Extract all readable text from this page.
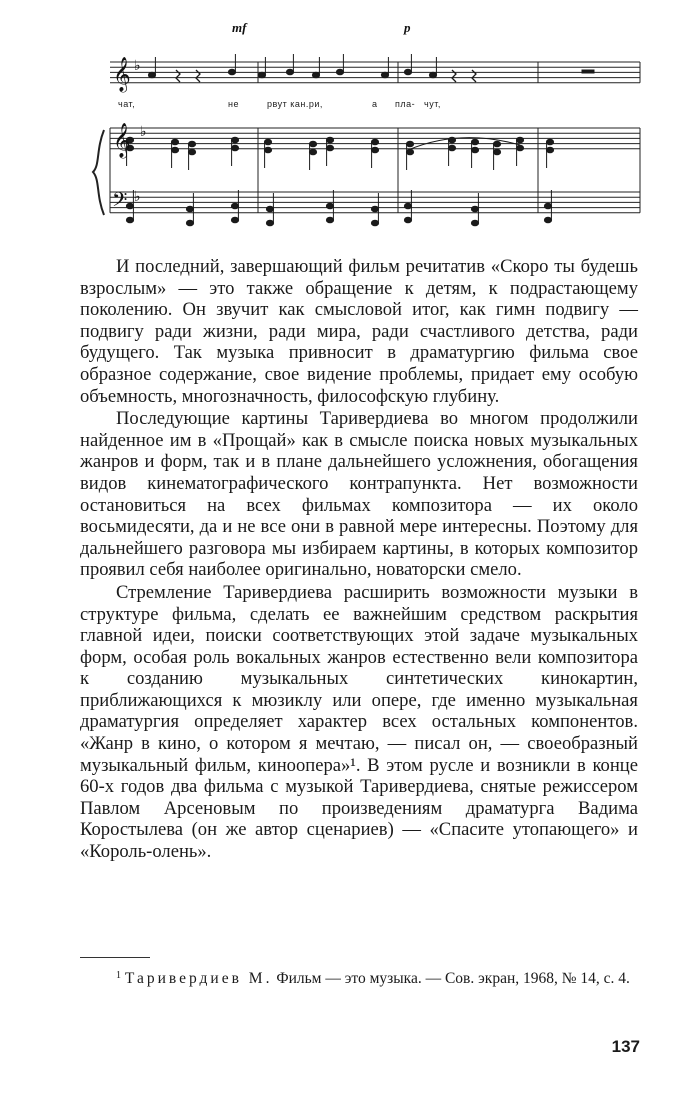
𝄞
𝄞
𝄢
♭
♭
♭
mf	p
чат,	не	рвут кан.ри,	а пла- чут,

И последний, завершающий фильм речитатив «Скоро ты будешь взрослым» — это также обращение к детям, к подрастающему поколению. Он звучит как смысловой итог, как гимн подвигу — подвигу ради жизни, ради мира, ради счастливого детства, ради будущего. Так музыка привносит в драматургию фильма свое образное содержание, свое видение проблемы, придает ему особую объемность, многозначность, философскую глубину.

Последующие картины Таривердиева во многом продолжили найденное им в «Прощай» как в смысле поиска новых музыкальных жанров и форм, так и в плане дальнейшего усложнения, обогащения видов кинематографического контрапункта. Нет возможности остановиться на всех фильмах композитора — их около восьмидесяти, да и не все они в равной мере интересны. Поэтому для дальнейшего разговора мы избираем картины, в которых композитор проявил себя наиболее оригинально, новаторски смело.

Стремление Таривердиева расширить возможности музыки в структуре фильма, сделать ее важнейшим средством раскрытия главной идеи, поиски соответствующих этой задаче музыкальных форм, особая роль вокальных жанров естественно вели композитора к созданию музыкальных синтетических кинокартин, приближающихся к мюзиклу или опере, где именно музыкальная драматургия определяет характер всех остальных компонентов. «Жанр в кино, о котором я мечтаю, — писал он, — своеобразный музыкальный фильм, киноопера»¹. В этом русле и возникли в конце 60-х годов два фильма с музыкой Таривердиева, снятые режиссером Павлом Арсеновым по произведениям драматурга Вадима Коростылева (он же автор сценариев) — «Спасите утопающего» и «Король-олень».

$^1$ Таривердиев М. Фильм — это музыка. — Сов. экран, 1968, № 14, с. 4.
137
